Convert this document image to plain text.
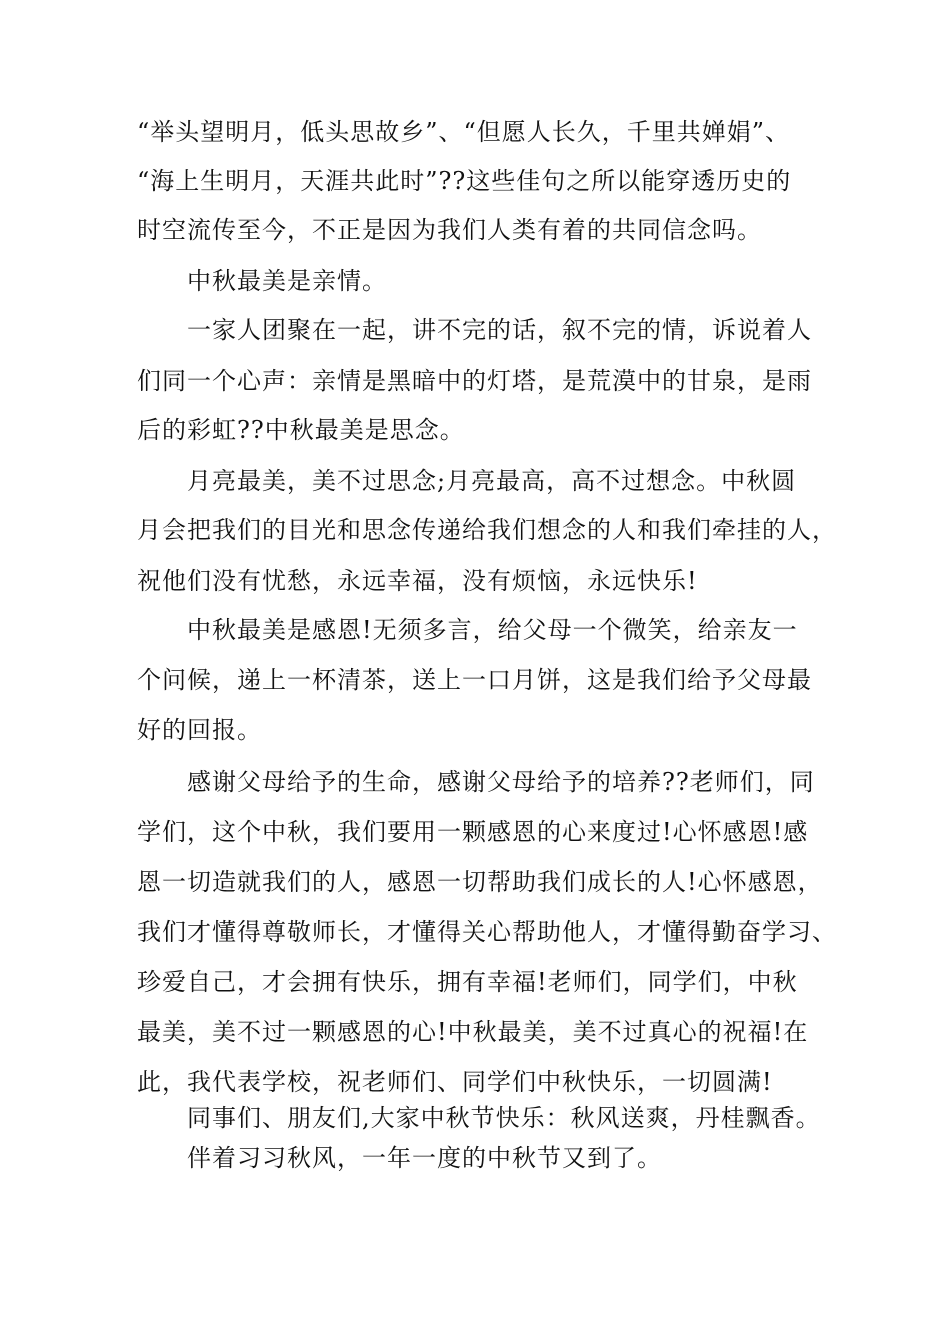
“举头望明月，低头思故乡”、“但愿人长久，千里共婵娟”、
“海上生明月，天涯共此时”??这些佳句之所以能穿透历史的
时空流传至今，不正是因为我们人类有着的共同信念吗。
中秋最美是亲情。
一家人团聚在一起，讲不完的话，叙不完的情，诉说着人
们同一个心声：亲情是黑暗中的灯塔，是荒漠中的甘泉，是雨
后的彩虹??中秋最美是思念。
月亮最美，美不过思念;月亮最高，高不过想念。中秋圆
月会把我们的目光和思念传递给我们想念的人和我们牵挂的人，
祝他们没有忧愁，永远幸福，没有烦恼，永远快乐!
中秋最美是感恩!无须多言，给父母一个微笑，给亲友一
个问候，递上一杯清茶，送上一口月饼，这是我们给予父母最
好的回报。
感谢父母给予的生命，感谢父母给予的培养??老师们，同
学们，这个中秋，我们要用一颗感恩的心来度过!心怀感恩!感
恩一切造就我们的人，感恩一切帮助我们成长的人!心怀感恩，
我们才懂得尊敬师长，才懂得关心帮助他人，才懂得勤奋学习、
珍爱自己，才会拥有快乐，拥有幸福!老师们，同学们，中秋
最美，美不过一颗感恩的心!中秋最美，美不过真心的祝福!在
此，我代表学校，祝老师们、同学们中秋快乐，一切圆满!
同事们、朋友们,大家中秋节快乐：秋风送爽，丹桂飘香。
伴着习习秋风，一年一度的中秋节又到了。
